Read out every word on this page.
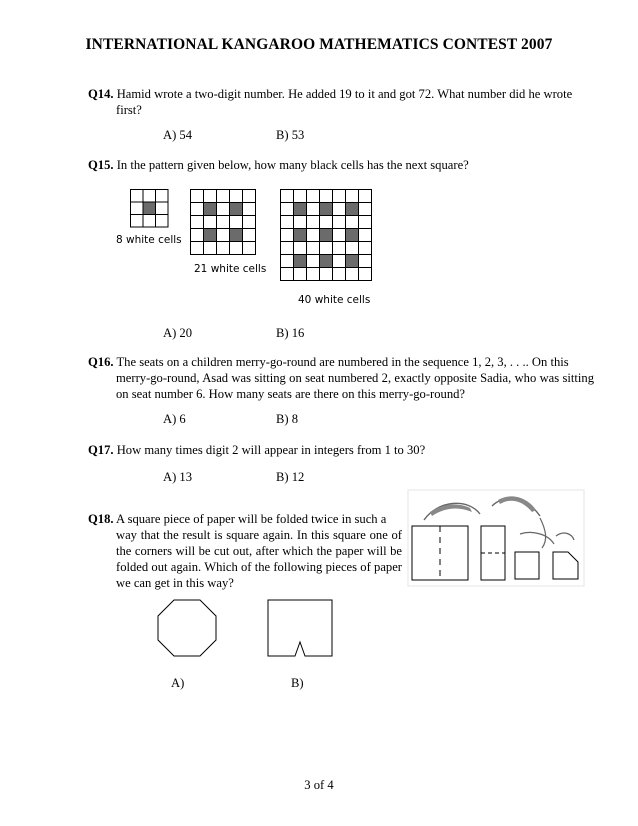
INTERNATIONAL KANGAROO MATHEMATICS CONTEST 2007
Q14. Hamid wrote a two-digit number. He added 19 to it and got 72. What number did he wrote
first?
A) 54	B) 53
Q15. In the pattern given below, how many black cells has the next square?
8 white cells
21 white cells
40 white cells
A) 20	B) 16
Q16. The seats on a children merry-go-round are numbered in the sequence 1, 2, 3, . . .. On this
merry-go-round, Asad was sitting on seat numbered 2, exactly opposite Sadia, who was sitting on seat number 6. How many seats are there on this merry-go-round?
A) 6	B) 8
Q17. How many times digit 2 will appear in integers from 1 to 30?
A) 13	B) 12
Q18. A square piece of paper will be folded twice in such a
way that the result is square again. In this square one of the corners will be cut out, after which the paper will be folded out again. Which of the following pieces of paper we can get in this way?
A)	B)
3 of 4
